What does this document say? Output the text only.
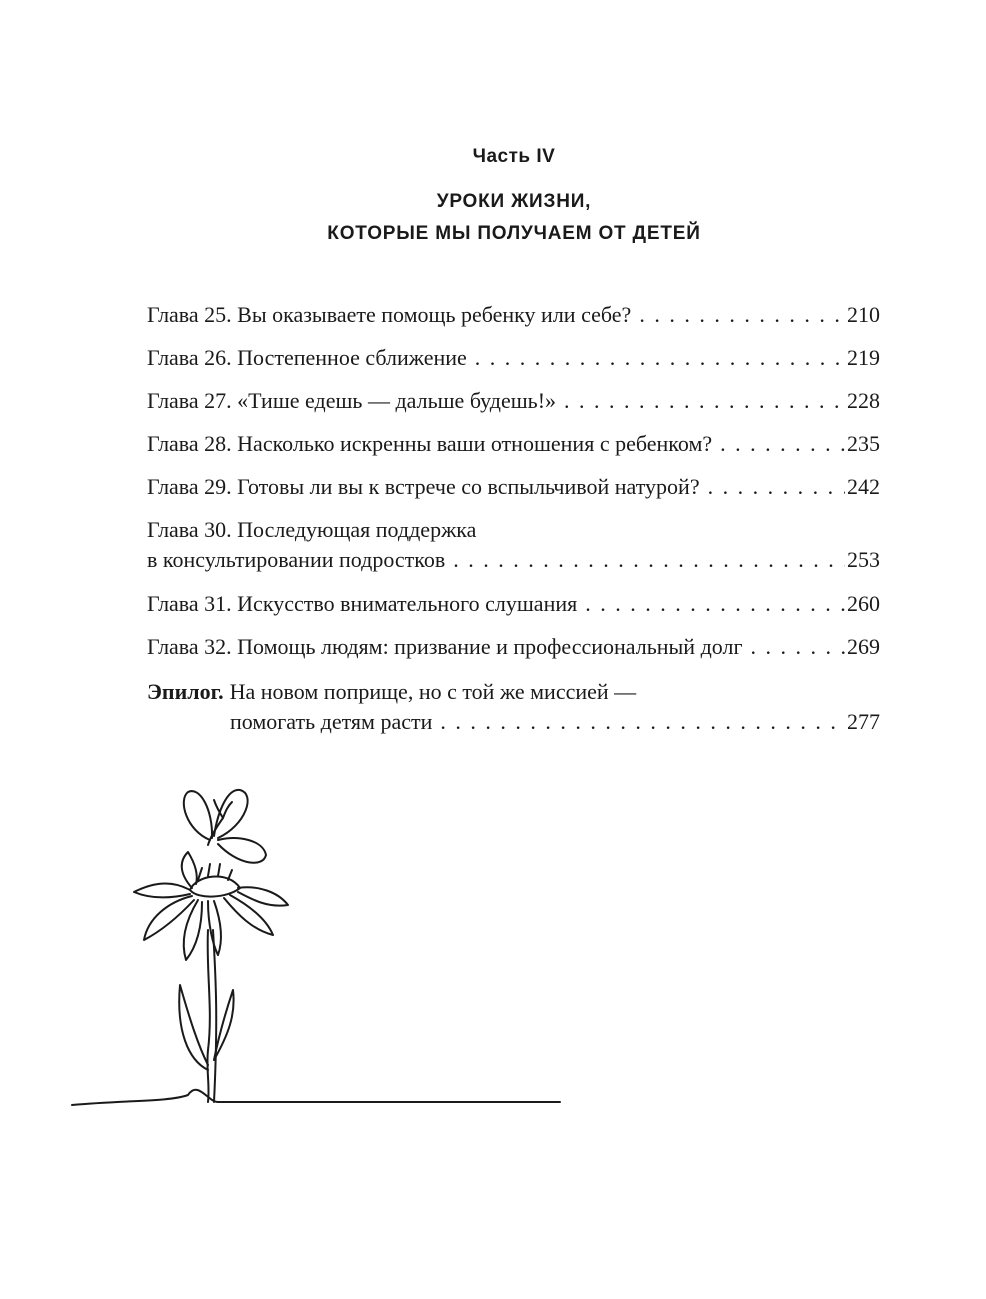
Часть IV
УРОКИ ЖИЗНИ,
КОТОРЫЕ МЫ ПОЛУЧАЕМ ОТ ДЕТЕЙ
Глава 25. Вы оказываете помощь ребенку или себе? . . .	210
Глава 26. Постепенное сближение . . .	219
Глава 27. «Тише едешь — дальше будешь!» . . .	228
Глава 28. Насколько искренны ваши отношения с ребенком? . . .	235
Глава 29. Готовы ли вы к встрече со вспыльчивой натурой? . . .	242
Глава 30. Последующая поддержка
в консультировании подростков . . .	253
Глава 31. Искусство внимательного слушания . . .	260
Глава 32. Помощь людям: призвание и профессиональный долг . . .	269
Эпилог. На новом поприще, но с той же миссией —
помогать детям расти . . .	277
